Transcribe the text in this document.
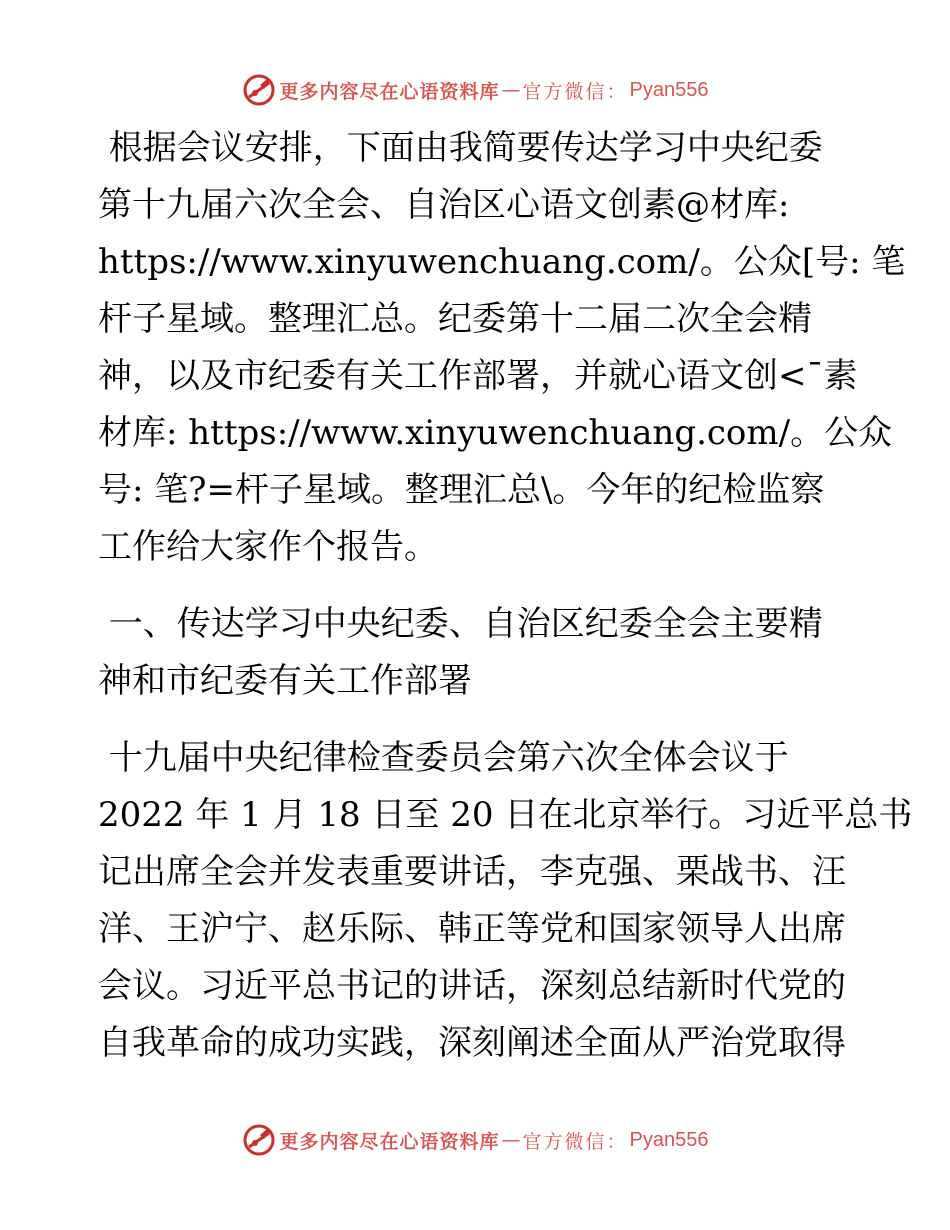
更多内容尽在心语资料库 — 官方微信： Pyan556
根据会议安排，下面由我简要传达学习中央纪委
第十九届六次全会、自治区心语文创素@材库:
https://www.xinyuwenchuang.com/。公众[号: 笔
杆子星域。整理汇总。纪委第十二届二次全会精
神，以及市纪委有关工作部署，并就心语文创<¯素
材库: https://www.xinyuwenchuang.com/。公众
号: 笔?=杆子星域。整理汇总\。今年的纪检监察
工作给大家作个报告。
一、传达学习中央纪委、自治区纪委全会主要精
神和市纪委有关工作部署
十九届中央纪律检查委员会第六次全体会议于
2022 年 1 月 18 日至 20 日在北京举行。习近平总书
记出席全会并发表重要讲话，李克强、栗战书、汪
洋、王沪宁、赵乐际、韩正等党和国家领导人出席
会议。习近平总书记的讲话，深刻总结新时代党的
自我革命的成功实践，深刻阐述全面从严治党取得
更多内容尽在心语资料库 — 官方微信： Pyan556
